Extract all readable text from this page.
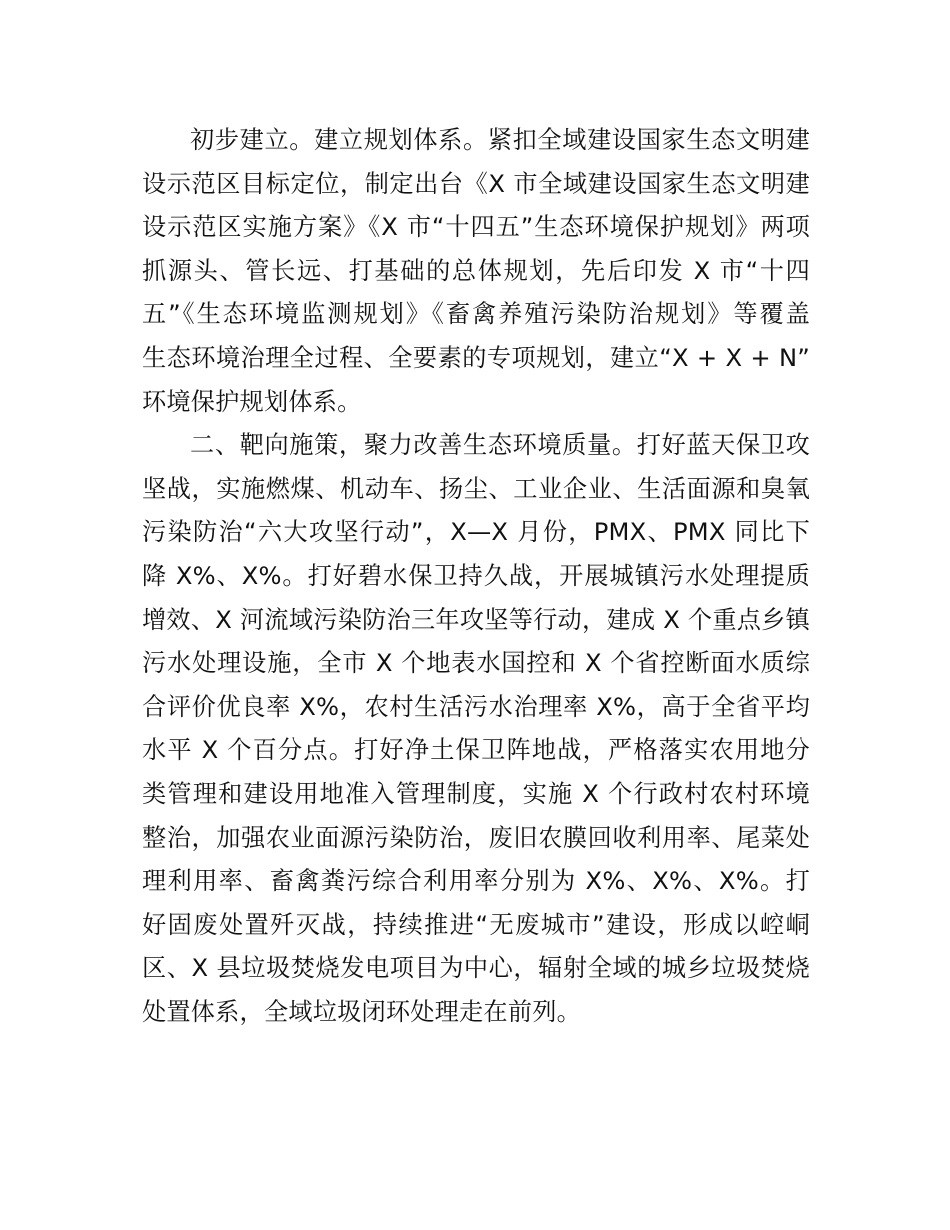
初步建立。建立规划体系。紧扣全域建设国家生态文明建
设示范区目标定位，制定出台《X 市全域建设国家生态文明建
设示范区实施方案》《X 市“十四五”生态环境保护规划》两项
抓源头、管长远、打基础的总体规划，先后印发 X 市“十四
五”《生态环境监测规划》《畜禽养殖污染防治规划》等覆盖
生态环境治理全过程、全要素的专项规划，建立“X + X + N”
环境保护规划体系。
二、靶向施策，聚力改善生态环境质量。打好蓝天保卫攻
坚战，实施燃煤、机动车、扬尘、工业企业、生活面源和臭氧
污染防治“六大攻坚行动”，X—X 月份，PMX、PMX 同比下
降 X%、X%。打好碧水保卫持久战，开展城镇污水处理提质
增效、X 河流域污染防治三年攻坚等行动，建成 X 个重点乡镇
污水处理设施，全市 X 个地表水国控和 X 个省控断面水质综
合评价优良率 X%，农村生活污水治理率 X%，高于全省平均
水平 X 个百分点。打好净土保卫阵地战，严格落实农用地分
类管理和建设用地准入管理制度，实施 X 个行政村农村环境
整治，加强农业面源污染防治，废旧农膜回收利用率、尾菜处
理利用率、畜禽粪污综合利用率分别为 X%、X%、X%。打
好固废处置歼灭战，持续推进“无废城市”建设，形成以崆峒
区、X 县垃圾焚烧发电项目为中心，辐射全域的城乡垃圾焚烧
处置体系，全域垃圾闭环处理走在前列。
